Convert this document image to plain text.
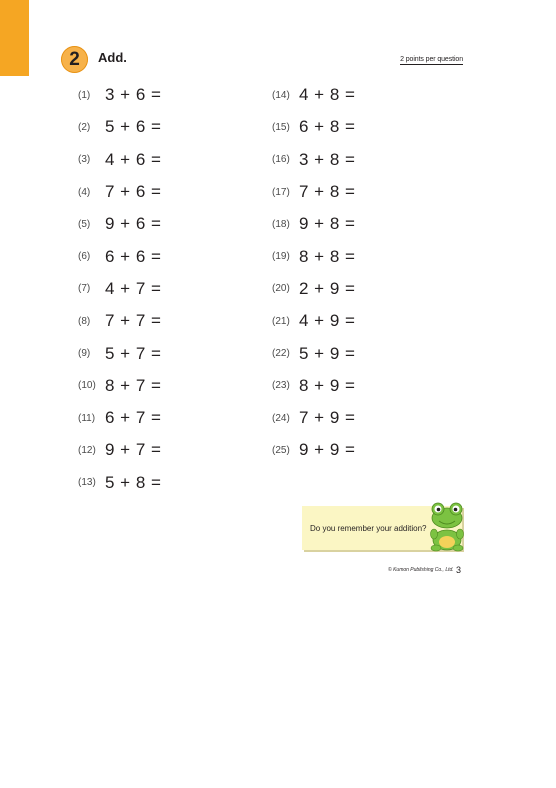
2 Add.	2 points per question
(1) 3 + 6 =
(2) 5 + 6 =
(3) 4 + 6 =
(4) 7 + 6 =
(5) 9 + 6 =
(6) 6 + 6 =
(7) 4 + 7 =
(8) 7 + 7 =
(9) 5 + 7 =
(10) 8 + 7 =
(11) 6 + 7 =
(12) 9 + 7 =
(13) 5 + 8 =
(14) 4 + 8 =
(15) 6 + 8 =
(16) 3 + 8 =
(17) 7 + 8 =
(18) 9 + 8 =
(19) 8 + 8 =
(20) 2 + 9 =
(21) 4 + 9 =
(22) 5 + 9 =
(23) 8 + 9 =
(24) 7 + 9 =
(25) 9 + 9 =
Do you remember your addition?
© Kumon Publishing Co., Ltd. 3
